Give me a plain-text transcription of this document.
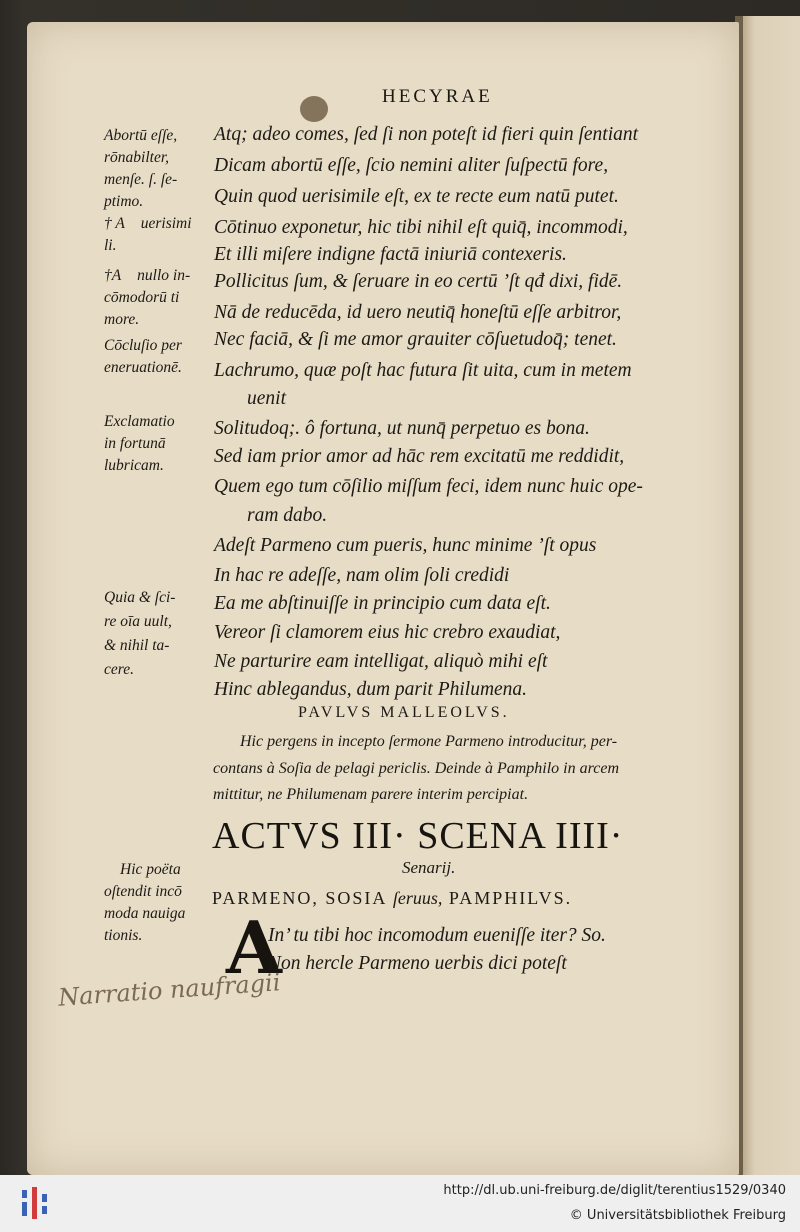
HECYRAE
Abortū eſſe,
rōnabilter,
menſe. ſ. ſe-
ptimo.
† A᷑ uerisimi
li.
†A᷑ nullo in-
cōmodorū ti
more.
Cōcluſio per
eneruationē.
Exclamatio
in fortunā
lubricam.
Quia & ſci-
re oīa uult,
& nihil ta-
cere.
Hic poëta
oſtendit incō
moda nauiga
tionis.
Atq; adeo comes, ſed ſi non poteſt id fieri quin ſentiant
Dicam abortū eſſe, ſcio nemini aliter ſuſpectū fore,
Quin quod uerisimile eſt, ex te recte eum natū putet.
Cōtinuo exponetur, hic tibi nihil eſt quiq̄, incommodi,
Et illi miſere indigne factā iniuriā contexeris.
Pollicitus ſum, & ſeruare in eo certū ’ſt qđ dixi, fidē.
Nā de reducēda, id uero neutiq̄ honeſtū eſſe arbitror,
Nec faciā, & ſi me amor grauiter cōſuetudoq̄; tenet.
Lachrumo, quæ poſt hac futura ſit uita, cum in metem
uenit
Solitudoq;. ô fortuna, ut nunq̄ perpetuo es bona.
Sed iam prior amor ad hāc rem excitatū me reddidit,
Quem ego tum cōſilio miſſum feci, idem nunc huic ope-
ram dabo.
Adeſt Parmeno cum pueris, hunc minime ’ſt opus
In hac re adeſſe, nam olim ſoli credidi
Ea me abſtinuiſſe in principio cum data eſt.
Vereor ſi clamorem eius hic crebro exaudiat,
Ne parturire eam intelligat, aliquò mihi eſt
Hinc ablegandus, dum parit Philumena.
PAVLVS MALLEOLVS.
Hic pergens in incepto ſermone Parmeno introducitur, per-
contans à Soſia de pelagi periclis. Deinde à Pamphilo in arcem
mittitur, ne Philumenam parere interim percipiat.
ACTVS III· SCENA IIII·
Senarij.
PARMENO, SOSIA ſeruus, PAMPHILVS.
A
In’ tu tibi hoc incomodum eueniſſe iter? So.
Non hercle Parmeno uerbis dici poteſt
Narratio naufragii
http://dl.ub.uni-freiburg.de/diglit/terentius1529/0340
© Universitätsbibliothek Freiburg
